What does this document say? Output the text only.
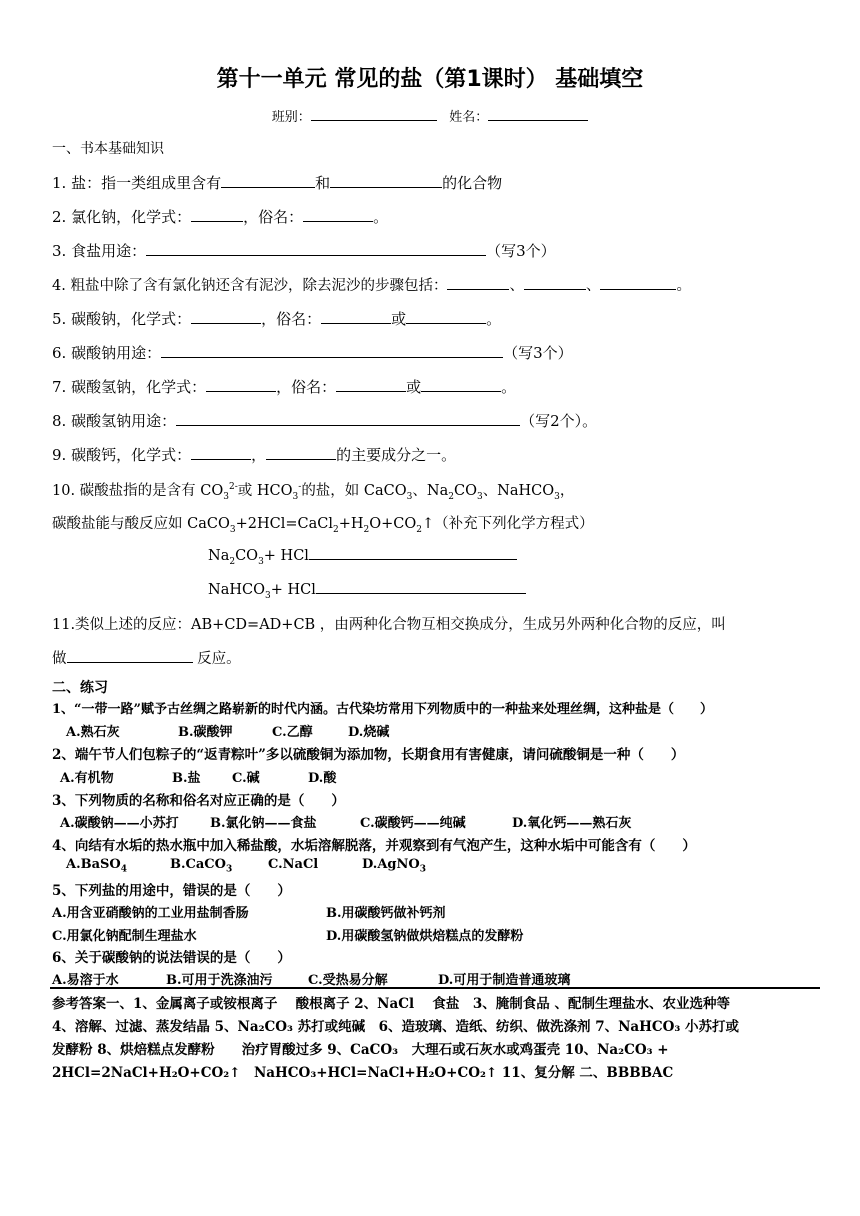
第十一单元 常见的盐（第1课时） 基础填空
班别：	姓名：
一、书本基础知识
1. 盐：指一类组成里含有	和	的化合物
2. 氯化钠，化学式：	，俗名：	。
3. 食盐用途：	（写3个）
4. 粗盐中除了含有氯化钠还含有泥沙，除去泥沙的步骤包括：	、	、	。
5. 碳酸钠，化学式：	，俗名：	或	。
6. 碳酸钠用途：	（写3个）
7. 碳酸氢钠，化学式：	，俗名：	或	。
8. 碳酸氢钠用途：	（写2个）。
9. 碳酸钙，化学式：	，	的主要成分之一。
10. 碳酸盐指的是含有 $CO_3^{2-}$或 $HCO_3^-$的盐，如 CaCO$_3$、$Na_2CO_3$、NaHCO$_3$，
碳酸盐能与酸反应如 $CaCO_3+2HCl=CaCl_2+H_2O+CO_2↑$（补充下列化学方程式）
$Na_2CO_3+$ HCl
NaHCO$_3$+ HCl
11.类似上述的反应：AB+CD=AD+CB ，由两种化合物互相交换成分，生成另外两种化合物的反应，叫
做	反应。
二、练习
1、“一带一路”赋予古丝绸之路崭新的时代内涵。古代染坊常用下列物质中的一种盐来处理丝绸，这种盐是（　　）
A.熟石灰	B.碳酸钾	C.乙醇	D.烧碱
2、端午节人们包粽子的“返青粽叶”多以硫酸铜为添加物，长期食用有害健康，请问硫酸铜是一种（　　）
A.有机物	B.盐 C.碱	D.酸
3、下列物质的名称和俗名对应正确的是（　　）
A.碳酸钠——小苏打 B.氯化钠——食盐	C.碳酸钙——纯碱	D.氧化钙——熟石灰
4、向结有水垢的热水瓶中加入稀盐酸，水垢溶解脱落，并观察到有气泡产生，这种水垢中可能含有（　　）
A.BaSO$_4$	B.CaCO$_3$	C.NaCl	D.AgNO$_3$
5、下列盐的用途中，错误的是（　　）
A.用含亚硝酸钠的工业用盐制香肠	B.用碳酸钙做补钙剂
C.用氯化钠配制生理盐水	D.用碳酸氢钠做烘焙糕点的发酵粉
6、关于碳酸钠的说法错误的是（　　）
A.易溶于水	B.可用于洗涤油污	C.受热易分解	D.可用于制造普通玻璃
参考答案一、1、金属离子或铵根离子　 酸根离子 2、NaCl　 食盐　3、腌制食品 、配制生理盐水、农业选种等
4、溶解、过滤、蒸发结晶 5、Na₂CO₃ 苏打或纯碱　6、造玻璃、造纸、纺织、做洗涤剂 7、NaHCO₃ 小苏打或
发酵粉 8、烘焙糕点发酵粉　　治疗胃酸过多 9、CaCO₃　大理石或石灰水或鸡蛋壳 10、Na₂CO₃ +
2HCl=2NaCl+H₂O+CO₂↑　NaHCO₃+HCl=NaCl+H₂O+CO₂↑ 11、复分解 二、BBBBAC
